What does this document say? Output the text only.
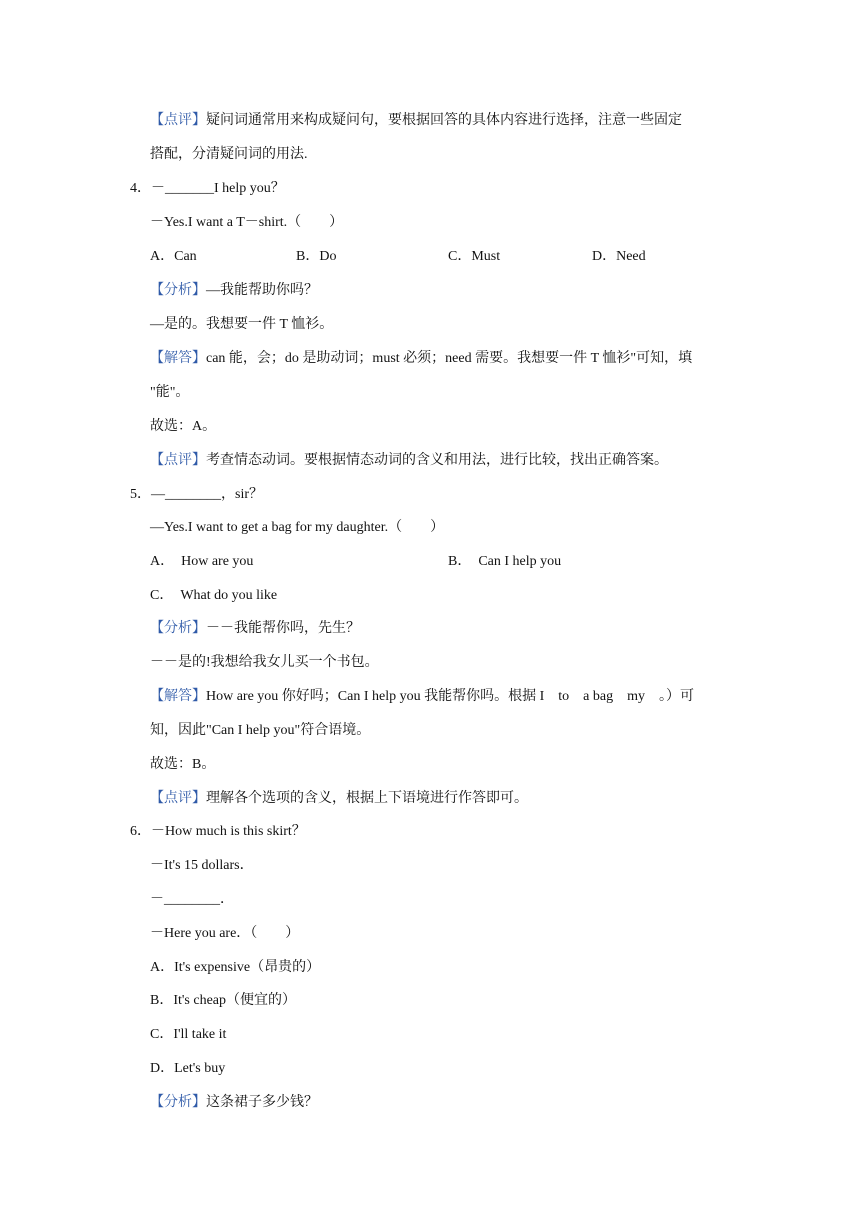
【点评】疑问词通常用来构成疑问句，要根据回答的具体内容进行选择，注意一些固定
搭配，分清疑问词的用法.
4．－_______I help you？
－Yes.I want a T－shirt.（　　）
A．Can	B．Do	C．Must	D．Need
【分析】—我能帮助你吗？
—是的。我想要一件 T 恤衫。
【解答】can 能，会；do 是助动词；must 必须；need 需要。我想要一件 T 恤衫"可知，填
"能"。
故选：A。
【点评】考查情态动词。要根据情态动词的含义和用法，进行比较，找出正确答案。
5．—________，sir？
—Yes.I want to get a bag for my daughter.（　　）
A．　How are you	B．　Can I help you
C．　What do you like
【分析】－－我能帮你吗，先生？
－－是的!我想给我女儿买一个书包。
【解答】How are you 你好吗；Can I help you 我能帮你吗。根据 I　to　a bag　my　。）可
知，因此"Can I help you"符合语境。
故选：B。
【点评】理解各个选项的含义，根据上下语境进行作答即可。
6．－How much is this skirt？
－It's 15 dollars．
－________．
－Here you are．（　　）
A．It's expensive（昂贵的）
B．It's cheap（便宜的）
C．I'll take it
D．Let's buy
【分析】这条裙子多少钱？
